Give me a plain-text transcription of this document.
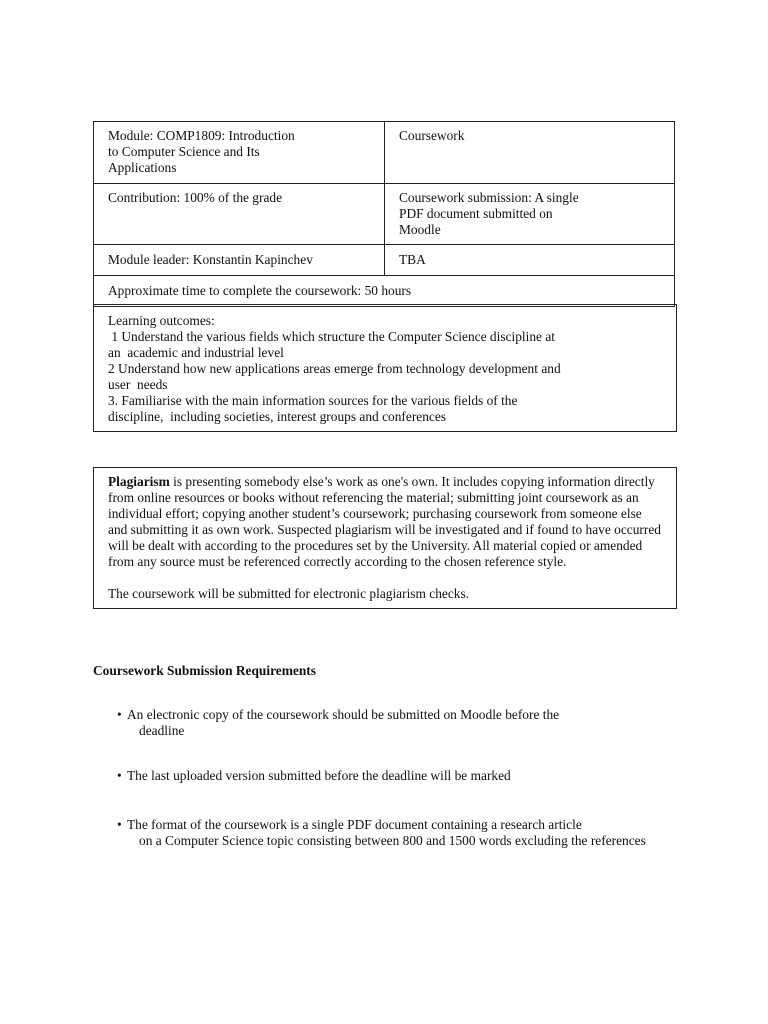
Module: COMP1809: Introduction
to Computer Science and Its
Applications	Coursework
Contribution: 100% of the grade	Coursework submission: A single
PDF document submitted on
Moodle

Module leader: Konstantin Kapinchev	TBA
Approximate time to complete the coursework: 50 hours	
Learning outcomes:
1 Understand the various fields which structure the Computer Science discipline at
an  academic and industrial level
2 Understand how new applications areas emerge from technology development and
user  needs
3. Familiarise with the main information sources for the various fields of the
discipline,  including societies, interest groups and conferences

Plagiarism is presenting somebody else’s work as one's own. It includes copying information directly from online resources or books without referencing the material; submitting joint coursework as an individual effort; copying another student’s coursework; purchasing coursework from someone else and submitting it as own work. Suspected plagiarism will be investigated and if found to have occurred will be dealt with according to the procedures set by the University. All material copied or amended from any source must be referenced correctly according to the chosen reference style.

The coursework will be submitted for electronic plagiarism checks.

Coursework Submission Requirements
• An electronic copy of the coursework should be submitted on Moodle before the
deadline
• The last uploaded version submitted before the deadline will be marked
• The format of the coursework is a single PDF document containing a research article
on a Computer Science topic consisting between 800 and 1500 words excluding the references
